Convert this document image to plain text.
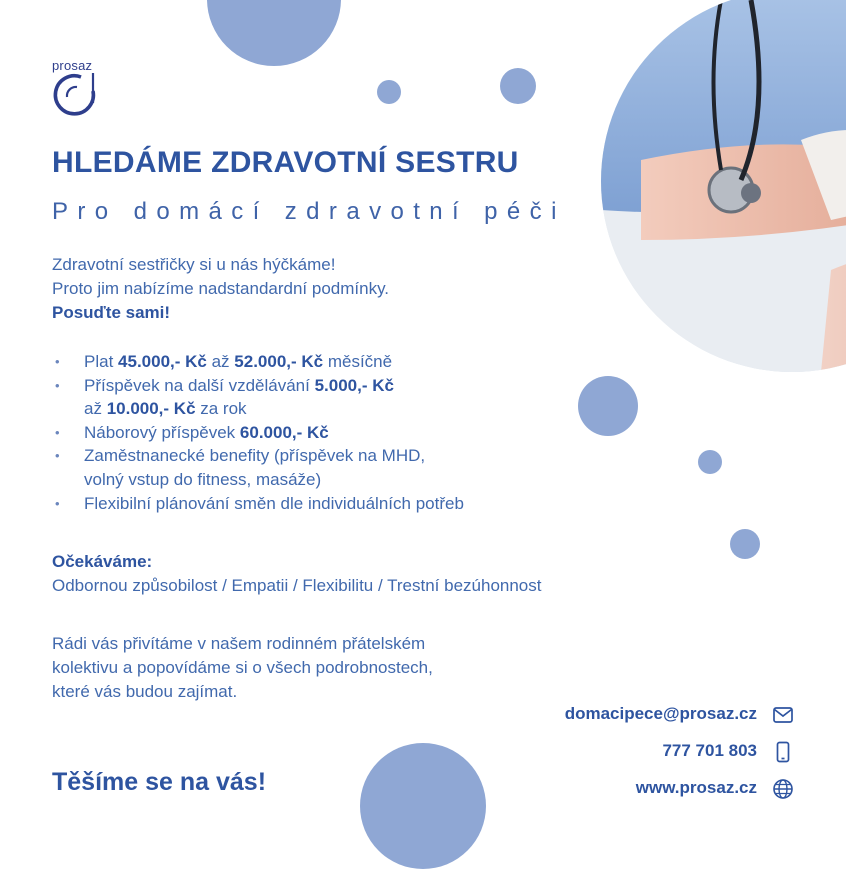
prosaz
HLEDÁME ZDRAVOTNÍ SESTRU
Pro domácí zdravotní péči
Zdravotní sestřičky si u nás hýčkáme!
Proto jim nabízíme nadstandardní podmínky.
Posuďte sami!
• Plat 45.000,- Kč až 52.000,- Kč měsíčně
• Příspěvek na další vzdělávání 5.000,- Kč
až 10.000,- Kč za rok
• Náborový příspěvek 60.000,- Kč
• Zaměstnanecké benefity (příspěvek na MHD,
volný vstup do fitness, masáže)
• Flexibilní plánování směn dle individuálních potřeb
Očekáváme:
Odbornou způsobilost / Empatii / Flexibilitu / Trestní bezúhonnost
Rádi vás přivítáme v našem rodinném přátelském
kolektivu a popovídáme si o všech podrobnostech,
které vás budou zajímat.
Těšíme se na vás!
domacipece@prosaz.cz
777 701 803
www.prosaz.cz
